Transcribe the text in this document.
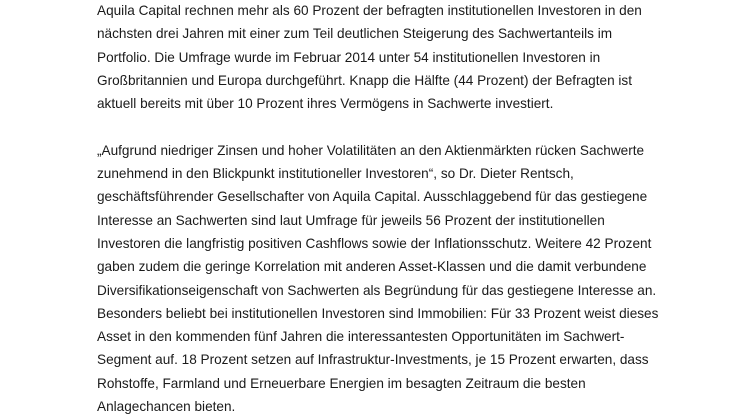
Aquila Capital rechnen mehr als 60 Prozent der befragten institutionellen Investoren in den
nächsten drei Jahren mit einer zum Teil deutlichen Steigerung des Sachwertanteils im
Portfolio. Die Umfrage wurde im Februar 2014 unter 54 institutionellen Investoren in
Großbritannien und Europa durchgeführt. Knapp die Hälfte (44 Prozent) der Befragten ist
aktuell bereits mit über 10 Prozent ihres Vermögens in Sachwerte investiert.
„Aufgrund niedriger Zinsen und hoher Volatilitäten an den Aktienmärkten rücken Sachwerte
zunehmend in den Blickpunkt institutioneller Investoren“, so Dr. Dieter Rentsch,
geschäftsführender Gesellschafter von Aquila Capital. Ausschlaggebend für das gestiegene
Interesse an Sachwerten sind laut Umfrage für jeweils 56 Prozent der institutionellen
Investoren die langfristig positiven Cashflows sowie der Inflationsschutz. Weitere 42 Prozent
gaben zudem die geringe Korrelation mit anderen Asset-Klassen und die damit verbundene
Diversifikationseigenschaft von Sachwerten als Begründung für das gestiegene Interesse an.
Besonders beliebt bei institutionellen Investoren sind Immobilien: Für 33 Prozent weist dieses
Asset in den kommenden fünf Jahren die interessantesten Opportunitäten im Sachwert-
Segment auf. 18 Prozent setzen auf Infrastruktur-Investments, je 15 Prozent erwarten, dass
Rohstoffe, Farmland und Erneuerbare Energien im besagten Zeitraum die besten
Anlagechancen bieten.
